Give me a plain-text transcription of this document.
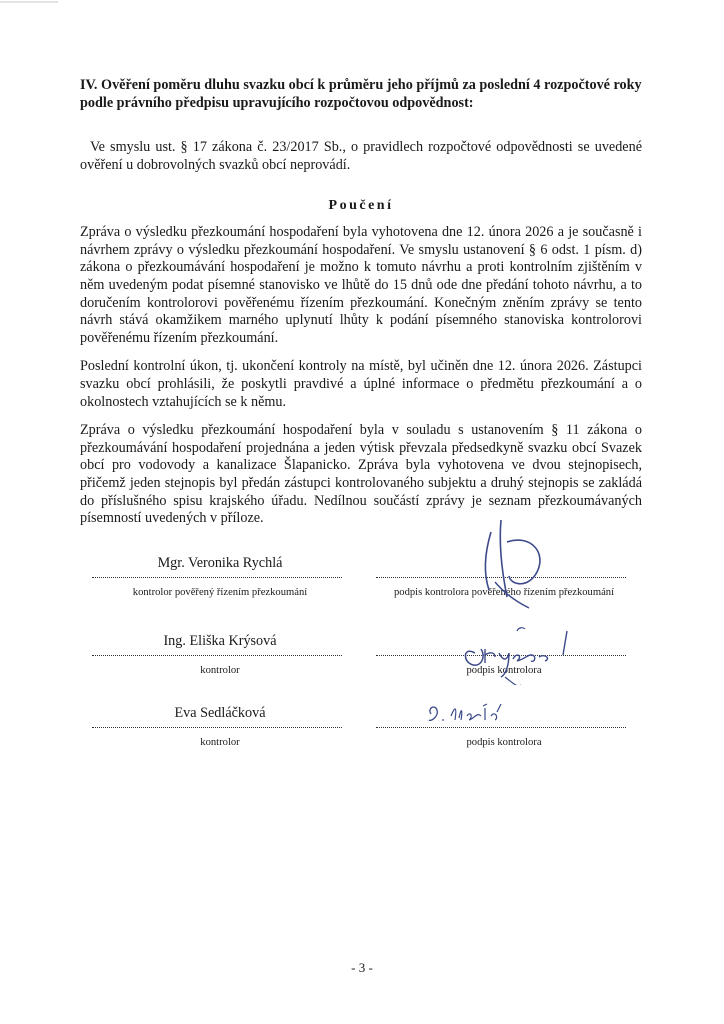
IV. Ověření poměru dluhu svazku obcí k průměru jeho příjmů za poslední 4 rozpočtové roky podle právního předpisu upravujícího rozpočtovou odpovědnost:

Ve smyslu ust. § 17 zákona č. 23/2017 Sb., o pravidlech rozpočtové odpovědnosti se uvedené ověření u dobrovolných svazků obcí neprovádí.

Poučení

Zpráva o výsledku přezkoumání hospodaření byla vyhotovena dne 12. února 2026 a je současně i návrhem zprávy o výsledku přezkoumání hospodaření. Ve smyslu ustanovení § 6 odst. 1 písm. d) zákona o přezkoumávání hospodaření je možno k tomuto návrhu a proti kontrolním zjištěním v něm uvedeným podat písemné stanovisko ve lhůtě do 15 dnů ode dne předání tohoto návrhu, a to doručením kontrolorovi pověřenému řízením přezkoumání. Konečným zněním zprávy se tento návrh stává okamžikem marného uplynutí lhůty k podání písemného stanoviska kontrolorovi pověřenému řízením přezkoumání.

Poslední kontrolní úkon, tj. ukončení kontroly na místě, byl učiněn dne 12. února 2026. Zástupci svazku obcí prohlásili, že poskytli pravdivé a úplné informace o předmětu přezkoumání a o okolnostech vztahujících se k němu.

Zpráva o výsledku přezkoumání hospodaření byla v souladu s ustanovením § 11 zákona o přezkoumávání hospodaření projednána a jeden výtisk převzala předsedkyně svazku obcí Svazek obcí pro vodovody a kanalizace Šlapanicko. Zpráva byla vyhotovena ve dvou stejnopisech, přičemž jeden stejnopis byl předán zástupci kontrolovaného subjektu a druhý stejnopis se zakládá do příslušného spisu krajského úřadu. Nedílnou součástí zprávy je seznam přezkoumávaných písemností uvedených v příloze.

Mgr. Veronika Rychlá
kontrolor pověřený řízením přezkoumání	podpis kontrolora pověřeného řízením přezkoumání
Ing. Eliška Krýsová
kontrolor	podpis kontrolora
Eva Sedláčková
kontrolor	podpis kontrolora
- 3 -
